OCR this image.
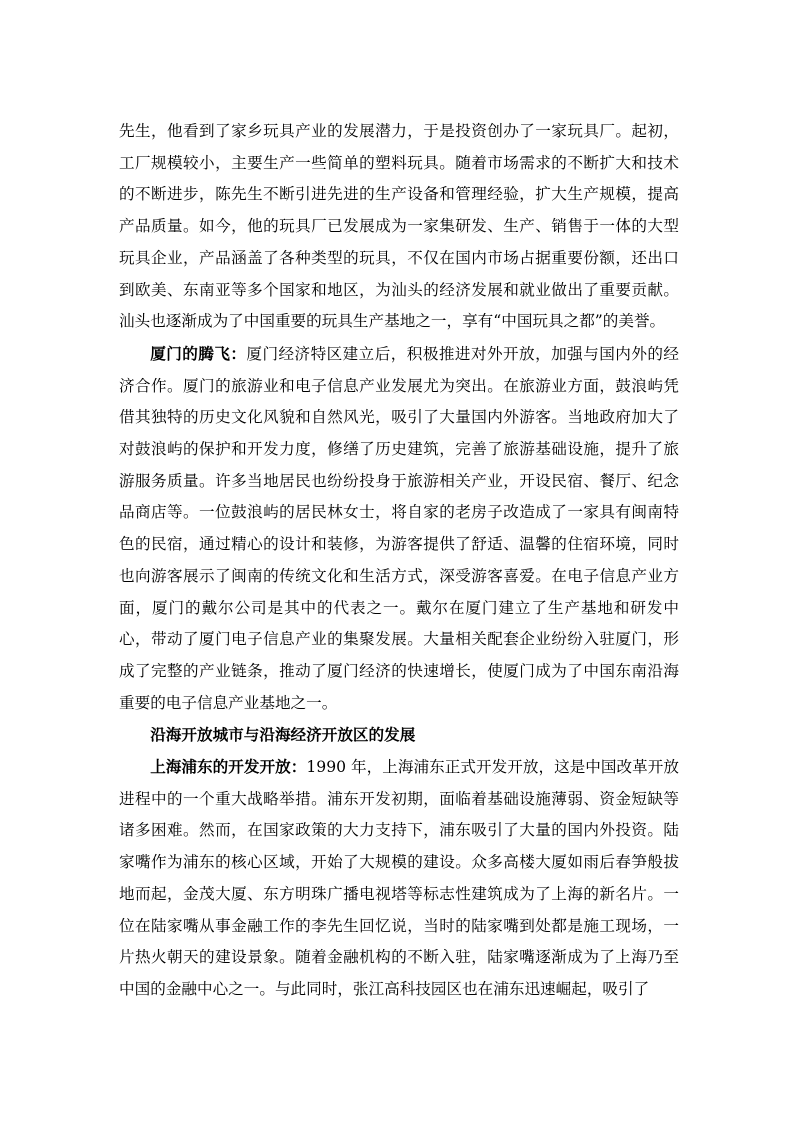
先生，他看到了家乡玩具产业的发展潜力，于是投资创办了一家玩具厂。起初，工厂规模较小，主要生产一些简单的塑料玩具。随着市场需求的不断扩大和技术的不断进步，陈先生不断引进先进的生产设备和管理经验，扩大生产规模，提高产品质量。如今，他的玩具厂已发展成为一家集研发、生产、销售于一体的大型玩具企业，产品涵盖了各种类型的玩具，不仅在国内市场占据重要份额，还出口到欧美、东南亚等多个国家和地区，为汕头的经济发展和就业做出了重要贡献。汕头也逐渐成为了中国重要的玩具生产基地之一，享有“中国玩具之都”的美誉。

厦门的腾飞：厦门经济特区建立后，积极推进对外开放，加强与国内外的经济合作。厦门的旅游业和电子信息产业发展尤为突出。在旅游业方面，鼓浪屿凭借其独特的历史文化风貌和自然风光，吸引了大量国内外游客。当地政府加大了对鼓浪屿的保护和开发力度，修缮了历史建筑，完善了旅游基础设施，提升了旅游服务质量。许多当地居民也纷纷投身于旅游相关产业，开设民宿、餐厅、纪念品商店等。一位鼓浪屿的居民林女士，将自家的老房子改造成了一家具有闽南特色的民宿，通过精心的设计和装修，为游客提供了舒适、温馨的住宿环境，同时也向游客展示了闽南的传统文化和生活方式，深受游客喜爱。在电子信息产业方面，厦门的戴尔公司是其中的代表之一。戴尔在厦门建立了生产基地和研发中心，带动了厦门电子信息产业的集聚发展。大量相关配套企业纷纷入驻厦门，形成了完整的产业链条，推动了厦门经济的快速增长，使厦门成为了中国东南沿海重要的电子信息产业基地之一。

沿海开放城市与沿海经济开放区的发展

上海浦东的开发开放：1990 年，上海浦东正式开发开放，这是中国改革开放进程中的一个重大战略举措。浦东开发初期，面临着基础设施薄弱、资金短缺等诸多困难。然而，在国家政策的大力支持下，浦东吸引了大量的国内外投资。陆家嘴作为浦东的核心区域，开始了大规模的建设。众多高楼大厦如雨后春笋般拔地而起，金茂大厦、东方明珠广播电视塔等标志性建筑成为了上海的新名片。一位在陆家嘴从事金融工作的李先生回忆说，当时的陆家嘴到处都是施工现场，一片热火朝天的建设景象。随着金融机构的不断入驻，陆家嘴逐渐成为了上海乃至中国的金融中心之一。与此同时，张江高科技园区也在浦东迅速崛起，吸引了
